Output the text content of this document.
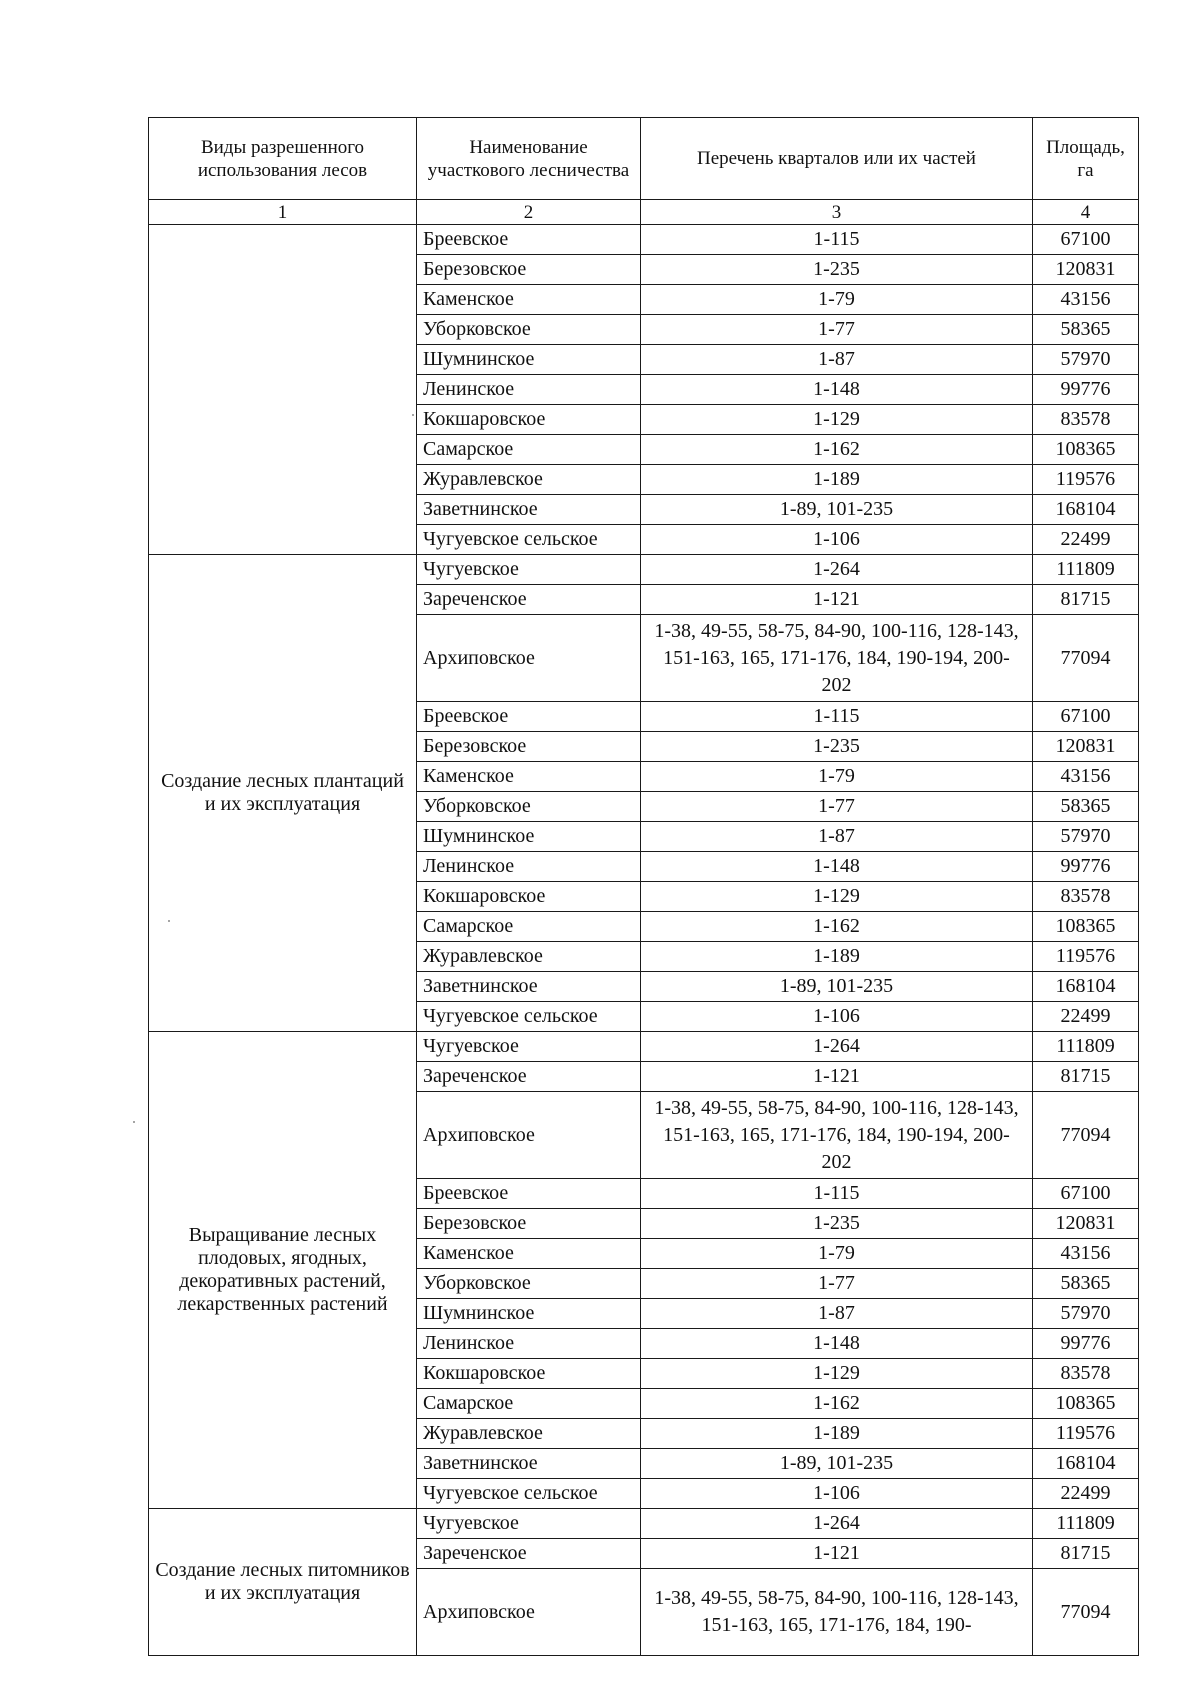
Виды разрешенного использования лесов	Наименование участкового лесничества	Перечень кварталов или их частей	Площадь, га
1	2	3	4
	Бреевское	1-115	67100
	Березовское	1-235	120831
	Каменское	1-79	43156
	Уборковское	1-77	58365
	Шумнинское	1-87	57970
	Ленинское	1-148	99776
	Кокшаровское	1-129	83578
	Самарское	1-162	108365
	Журавлевское	1-189	119576
	Заветнинское	1-89, 101-235	168104
	Чугуевское сельское	1-106	22499
Создание лесных плантаций и их эксплуатация	Чугуевское	1-264	111809
	Зареченское	1-121	81715
	Архиповское	1-38, 49-55, 58-75, 84-90, 100-116, 128-143, 151-163, 165, 171-176, 184, 190-194, 200-202	77094
	Бреевское	1-115	67100
	Березовское	1-235	120831
	Каменское	1-79	43156
	Уборковское	1-77	58365
	Шумнинское	1-87	57970
	Ленинское	1-148	99776
	Кокшаровское	1-129	83578
	Самарское	1-162	108365
	Журавлевское	1-189	119576
	Заветнинское	1-89, 101-235	168104
	Чугуевское сельское	1-106	22499
Выращивание лесных плодовых, ягодных, декоративных растений, лекарственных растений	Чугуевское	1-264	111809
	Зареченское	1-121	81715
	Архиповское	1-38, 49-55, 58-75, 84-90, 100-116, 128-143, 151-163, 165, 171-176, 184, 190-194, 200-202	77094
	Бреевское	1-115	67100
	Березовское	1-235	120831
	Каменское	1-79	43156
	Уборковское	1-77	58365
	Шумнинское	1-87	57970
	Ленинское	1-148	99776
	Кокшаровское	1-129	83578
	Самарское	1-162	108365
	Журавлевское	1-189	119576
	Заветнинское	1-89, 101-235	168104
	Чугуевское сельское	1-106	22499
Создание лесных питомников и их эксплуатация	Чугуевское	1-264	111809
	Зареченское	1-121	81715
	Архиповское	1-38, 49-55, 58-75, 84-90, 100-116, 128-143, 151-163, 165, 171-176, 184, 190-	77094
